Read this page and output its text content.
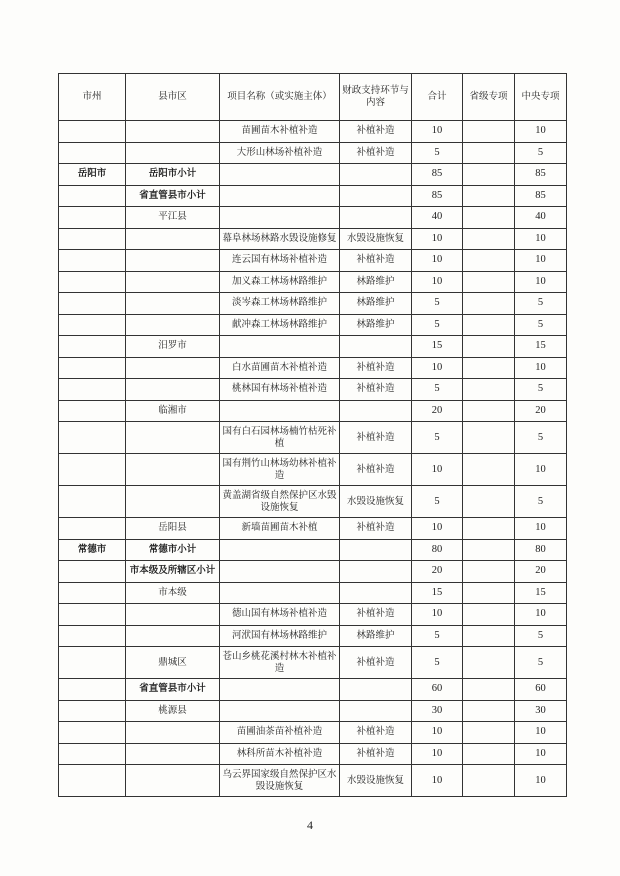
市州	县市区	项目名称（或实施主体）	财政支持环节与内容	合计	省级专项	中央专项
		苗圃苗木补植补造	补植补造	10		10
		大形山林场补植补造	补植补造	5		5
岳阳市	岳阳市小计			85		85
	省直管县市小计			85		85
	平江县			40		40
		幕阜林场林路水毁设施修复	水毁设施恢复	10		10
		连云国有林场补植补造	补植补造	10		10
		加义森工林场林路维护	林路维护	10		10
		淡岑森工林场林路维护	林路维护	5		5
		献冲森工林场林路维护	林路维护	5		5
	汨罗市			15		15
		白水苗圃苗木补植补造	补植补造	10		10
		桃林国有林场补植补造	补植补造	5		5
	临湘市			20		20
		国有白石园林场楠竹枯死补植	补植补造	5		5
		国有荆竹山林场幼林补植补造	补植补造	10		10
		黄盖湖省级自然保护区水毁设施恢复	水毁设施恢复	5		5
	岳阳县	新墙苗圃苗木补植	补植补造	10		10
常德市	常德市小计			80		80
	市本级及所辖区小计			20		20
	市本级			15		15
		德山国有林场补植补造	补植补造	10		10
		河洑国有林场林路维护	林路维护	5		5
	鼎城区	苍山乡桃花溪村林木补植补造	补植补造	5		5
	省直管县市小计			60		60
	桃源县			30		30
		苗圃油茶苗补植补造	补植补造	10		10
		林科所苗木补植补造	补植补造	10		10
		乌云界国家级自然保护区水毁设施恢复	水毁设施恢复	10		10
4
